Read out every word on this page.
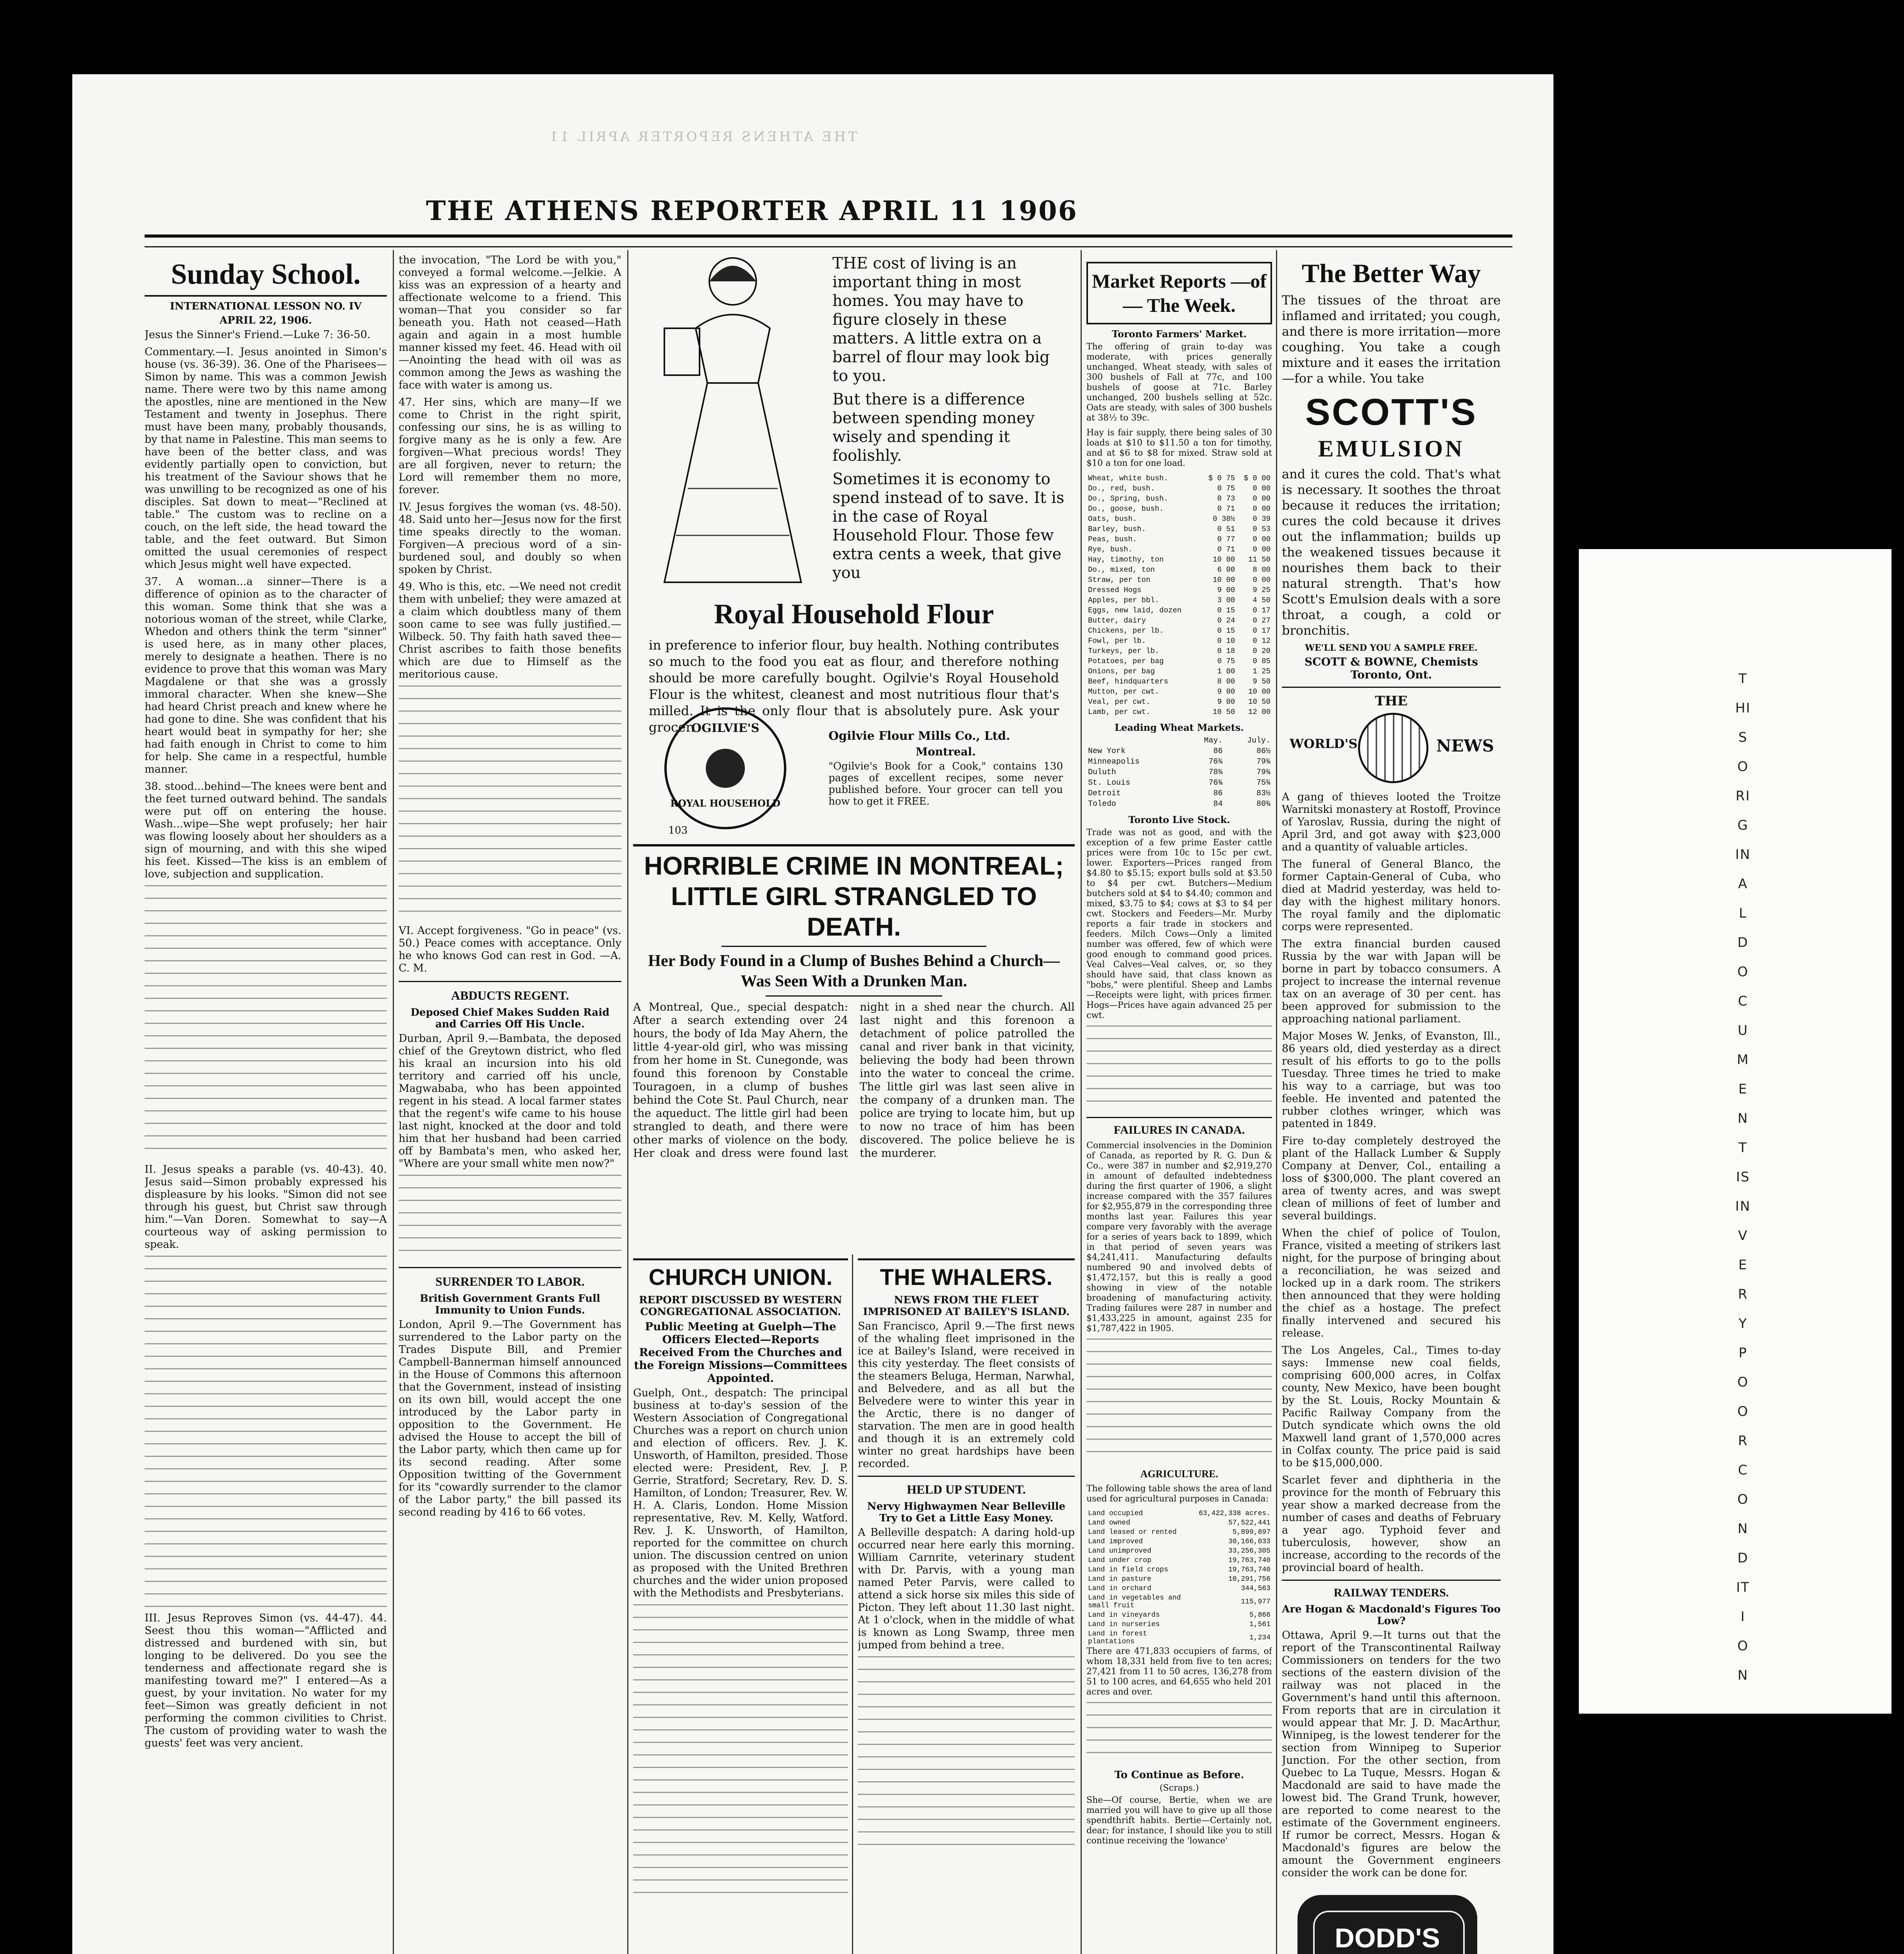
THIS ORIGINAL DOCUMENT IS IN VERY POOR CONDITION
THE ATHENS REPORTER APRIL 11
THE ATHENS REPORTER APRIL 11 1906
Sunday School.
INTERNATIONAL LESSON NO. IV
APRIL 22, 1906.

Jesus the Sinner's Friend.—Luke 7: 36-50.

Commentary.—I. Jesus anointed in Simon's house (vs. 36-39). 36. One of the Pharisees—Simon by name. This was a common Jewish name. There were two by this name among the apostles, nine are mentioned in the New Testament and twenty in Josephus. There must have been many, probably thousands, by that name in Palestine. This man seems to have been of the better class, and was evidently partially open to conviction, but his treatment of the Saviour shows that he was unwilling to be recognized as one of his disciples. Sat down to meat—"Reclined at table." The custom was to recline on a couch, on the left side, the head toward the table, and the feet outward. But Simon omitted the usual ceremonies of respect which Jesus might well have expected.

37. A woman...a sinner—There is a difference of opinion as to the character of this woman. Some think that she was a notorious woman of the street, while Clarke, Whedon and others think the term "sinner" is used here, as in many other places, merely to designate a heathen. There is no evidence to prove that this woman was Mary Magdalene or that she was a grossly immoral character. When she knew—She had heard Christ preach and knew where he had gone to dine. She was confident that his heart would beat in sympathy for her; she had faith enough in Christ to come to him for help. She came in a respectful, humble manner.

38. stood...behind—The knees were bent and the feet turned outward behind. The sandals were put off on entering the house. Wash...wipe—She wept profusely; her hair was flowing loosely about her shoulders as a sign of mourning, and with this she wiped his feet. Kissed—The kiss is an emblem of love, subjection and supplication.

II. Jesus speaks a parable (vs. 40-43). 40. Jesus said—Simon probably expressed his displeasure by his looks. "Simon did not see through his guest, but Christ saw through him."—Van Doren. Somewhat to say—A courteous way of asking permission to speak.

III. Jesus Reproves Simon (vs. 44-47). 44. Seest thou this woman—"Afflicted and distressed and burdened with sin, but longing to be delivered. Do you see the tenderness and affectionate regard she is manifesting toward me?" I entered—As a guest, by your invitation. No water for my feet—Simon was greatly deficient in not performing the common civilities to Christ. The custom of providing water to wash the guests' feet was very ancient.

the invocation, "The Lord be with you," conveyed a formal welcome.—Jelkie. A kiss was an expression of a hearty and affectionate welcome to a friend. This woman—That you consider so far beneath you. Hath not ceased—Hath again and again in a most humble manner kissed my feet. 46. Head with oil—Anointing the head with oil was as common among the Jews as washing the face with water is among us.

47. Her sins, which are many—If we come to Christ in the right spirit, confessing our sins, he is as willing to forgive many as he is only a few. Are forgiven—What precious words! They are all forgiven, never to return; the Lord will remember them no more, forever.

IV. Jesus forgives the woman (vs. 48-50). 48. Said unto her—Jesus now for the first time speaks directly to the woman. Forgiven—A precious word of a sin-burdened soul, and doubly so when spoken by Christ.

49. Who is this, etc. —We need not credit them with unbelief; they were amazed at a claim which doubtless many of them soon came to see was fully justified.—Wilbeck. 50. Thy faith hath saved thee—Christ ascribes to faith those benefits which are due to Himself as the meritorious cause.

VI. Accept forgiveness. "Go in peace" (vs. 50.) Peace comes with acceptance. Only he who knows God can rest in God. —A. C. M.

ABDUCTS REGENT.
Deposed Chief Makes Sudden Raid and Carries Off His Uncle.

Durban, April 9.—Bambata, the deposed chief of the Greytown district, who fled his kraal an incursion into his old territory and carried off his uncle, Magwababa, who has been appointed regent in his stead. A local farmer states that the regent's wife came to his house last night, knocked at the door and told him that her husband had been carried off by Bambata's men, who asked her, "Where are your small white men now?"

SURRENDER TO LABOR.
British Government Grants Full Immunity to Union Funds.

London, April 9.—The Government has surrendered to the Labor party on the Trades Dispute Bill, and Premier Campbell-Bannerman himself announced in the House of Commons this afternoon that the Government, instead of insisting on its own bill, would accept the one introduced by the Labor party in opposition to the Government. He advised the House to accept the bill of the Labor party, which then came up for its second reading. After some Opposition twitting of the Government for its "cowardly surrender to the clamor of the Labor party," the bill passed its second reading by 416 to 66 votes.

THE cost of living is an important thing in most homes. You may have to figure closely in these matters. A little extra on a barrel of flour may look big to you.

But there is a difference between spending money wisely and spending it foolishly.

Sometimes it is economy to spend instead of to save. It is in the case of Royal Household Flour. Those few extra cents a week, that give you

Royal Household Flour

in preference to inferior flour, buy health. Nothing contributes so much to the food you eat as flour, and therefore nothing should be more carefully bought. Ogilvie's Royal Household Flour is the whitest, cleanest and most nutritious flour that's milled. It is the only flour that is absolutely pure. Ask your grocer.

OGILVIE'S
ROYAL HOUSEHOLD
103
Ogilvie Flour Mills Co., Ltd.
Montreal.

"Ogilvie's Book for a Cook," contains 130 pages of excellent recipes, some never published before. Your grocer can tell you how to get it FREE.

HORRIBLE CRIME IN MONTREAL; LITTLE GIRL STRANGLED TO DEATH.
Her Body Found in a Clump of Bushes Behind a Church—Was Seen With a Drunken Man.

A Montreal, Que., special despatch: After a search extending over 24 hours, the body of Ida May Ahern, the little 4-year-old girl, who was missing from her home in St. Cunegonde, was found this forenoon by Constable Touragoen, in a clump of bushes behind the Cote St. Paul Church, near the aqueduct. The little girl had been strangled to death, and there were other marks of violence on the body. Her cloak and dress were found last night in a shed near the church. All last night and this forenoon a detachment of police patrolled the canal and river bank in that vicinity, believing the body had been thrown into the water to conceal the crime. The little girl was last seen alive in the company of a drunken man. The police are trying to locate him, but up to now no trace of him has been discovered. The police believe he is the murderer.

CHURCH UNION.
REPORT DISCUSSED BY WESTERN CONGREGATIONAL ASSOCIATION.
Public Meeting at Guelph—The Officers Elected—Reports Received From the Churches and the Foreign Missions—Committees Appointed.

Guelph, Ont., despatch: The principal business at to-day's session of the Western Association of Congregational Churches was a report on church union and election of officers. Rev. J. K. Unsworth, of Hamilton, presided. Those elected were: President, Rev. J. P. Gerrie, Stratford; Secretary, Rev. D. S. Hamilton, of London; Treasurer, Rev. W. H. A. Claris, London. Home Mission representative, Rev. M. Kelly, Watford. Rev. J. K. Unsworth, of Hamilton, reported for the committee on church union. The discussion centred on union as proposed with the United Brethren churches and the wider union proposed with the Methodists and Presbyterians.

THE WHALERS.
NEWS FROM THE FLEET IMPRISONED AT BAILEY'S ISLAND.

San Francisco, April 9.—The first news of the whaling fleet imprisoned in the ice at Bailey's Island, were received in this city yesterday. The fleet consists of the steamers Beluga, Herman, Narwhal, and Belvedere, and as all but the Belvedere were to winter this year in the Arctic, there is no danger of starvation. The men are in good health and though it is an extremely cold winter no great hardships have been recorded.

HELD UP STUDENT.
Nervy Highwaymen Near Belleville Try to Get a Little Easy Money.

A Belleville despatch: A daring hold-up occurred near here early this morning. William Carnrite, veterinary student with Dr. Parvis, with a young man named Peter Parvis, were called to attend a sick horse six miles this side of Picton. They left about 11.30 last night. At 1 o'clock, when in the middle of what is known as Long Swamp, three men jumped from behind a tree.

Market Reports —of— The Week.
Toronto Farmers' Market.

The offering of grain to-day was moderate, with prices generally unchanged. Wheat steady, with sales of 300 bushels of Fall at 77c, and 100 bushels of goose at 71c. Barley unchanged, 200 bushels selling at 52c. Oats are steady, with sales of 300 bushels at 38½ to 39c.

Hay is fair supply, there being sales of 30 loads at $10 to $11.50 a ton for timothy, and at $6 to $8 for mixed. Straw sold at $10 a ton for one load.

Wheat, white bush.	$ 0 75	$ 0 00
Do., red, bush.	0 75	0 00
Do., Spring, bush.	0 73	0 00
Do., goose, bush.	0 71	0 00
Oats, bush.	0 38½	0 39
Barley, bush.	0 51	0 53
Peas, bush.	0 77	0 00
Rye, bush.	0 71	0 00
Hay, timothy, ton	10 00	11 50
Do., mixed, ton	6 00	8 00
Straw, per ton	10 00	0 00
Dressed Hogs	9 00	9 25
Apples, per bbl.	3 00	4 50
Eggs, new laid, dozen	0 15	0 17
Butter, dairy	0 24	0 27
Chickens, per lb.	0 15	0 17
Fowl, per lb.	0 10	0 12
Turkeys, per lb.	0 18	0 20
Potatoes, per bag	0 75	0 85
Onions, per bag	1 00	1 25
Beef, hindquarters	8 00	9 50
Mutton, per cwt.	9 00	10 00
Veal, per cwt.	9 00	10 50
Lamb, per cwt.	10 50	12 00
Leading Wheat Markets.
	May.	July.
New York	86	86½
Minneapolis	76¾	79¾
Duluth	78¾	79¾
St. Louis	76¾	75¾
Detroit	86	83½
Toledo	84	80¾
Toronto Live Stock.

Trade was not as good, and with the exception of a few prime Easter cattle prices were from 10c to 15c per cwt. lower. Exporters—Prices ranged from $4.80 to $5.15; export bulls sold at $3.50 to $4 per cwt. Butchers—Medium butchers sold at $4 to $4.40; common and mixed, $3.75 to $4; cows at $3 to $4 per cwt. Stockers and Feeders—Mr. Murby reports a fair trade in stockers and feeders. Milch Cows—Only a limited number was offered, few of which were good enough to command good prices. Veal Calves—Veal calves, or, so they should have said, that class known as "bobs," were plentiful. Sheep and Lambs—Receipts were light, with prices firmer. Hogs—Prices have again advanced 25 per cwt.

FAILURES IN CANADA.

Commercial insolvencies in the Dominion of Canada, as reported by R. G. Dun & Co., were 387 in number and $2,919,270 in amount of defaulted indebtedness during the first quarter of 1906, a slight increase compared with the 357 failures for $2,955,879 in the corresponding three months last year. Failures this year compare very favorably with the average for a series of years back to 1899, which in that period of seven years was $4,241,411. Manufacturing defaults numbered 90 and involved debts of $1,472,157, but this is really a good showing in view of the notable broadening of manufacturing activity. Trading failures were 287 in number and $1,433,225 in amount, against 235 for $1,787,422 in 1905.

AGRICULTURE.

The following table shows the area of land used for agricultural purposes in Canada:

Land occupied	63,422,338 acres.
Land owned	57,522,441
Land leased or rented	5,899,897
Land improved	30,166,033
Land unimproved	33,256,305
Land under crop	19,763,740
Land in field crops	19,763,740
Land in pasture	10,291,756
Land in orchard	344,563
Land in vegetables and small fruit	115,977
Land in vineyards	5,866
Land in nurseries	1,561
Land in forest plantations	1,234

There are 471,833 occupiers of farms, of whom 18,331 held from five to ten acres; 27,421 from 11 to 50 acres, 136,278 from 51 to 100 acres, and 64,655 who held 201 acres and over.

To Continue as Before.
(Scraps.)

She—Of course, Bertie, when we are married you will have to give up all those spendthrift habits. Bertie—Certainly not, dear; for instance, I should like you to still continue receiving the 'lowance'

The Better Way

The tissues of the throat are inflamed and irritated; you cough, and there is more irritation—more coughing. You take a cough mixture and it eases the irritation—for a while. You take

SCOTT'S
EMULSION

and it cures the cold. That's what is necessary. It soothes the throat because it reduces the irritation; cures the cold because it drives out the inflammation; builds up the weakened tissues because it nourishes them back to their natural strength. That's how Scott's Emulsion deals with a sore throat, a cough, a cold or bronchitis.

WE'LL SEND YOU A SAMPLE FREE.
SCOTT & BOWNE, Chemists Toronto, Ont.
THE
WORLD'S	NEWS

A gang of thieves looted the Troitze Warnitski monastery at Rostoff, Province of Yaroslav, Russia, during the night of April 3rd, and got away with $23,000 and a quantity of valuable articles.

The funeral of General Blanco, the former Captain-General of Cuba, who died at Madrid yesterday, was held to-day with the highest military honors. The royal family and the diplomatic corps were represented.

The extra financial burden caused Russia by the war with Japan will be borne in part by tobacco consumers. A project to increase the internal revenue tax on an average of 30 per cent. has been approved for submission to the approaching national parliament.

Major Moses W. Jenks, of Evanston, Ill., 86 years old, died yesterday as a direct result of his efforts to go to the polls Tuesday. Three times he tried to make his way to a carriage, but was too feeble. He invented and patented the rubber clothes wringer, which was patented in 1849.

Fire to-day completely destroyed the plant of the Hallack Lumber & Supply Company at Denver, Col., entailing a loss of $300,000. The plant covered an area of twenty acres, and was swept clean of millions of feet of lumber and several buildings.

When the chief of police of Toulon, France, visited a meeting of strikers last night, for the purpose of bringing about a reconciliation, he was seized and locked up in a dark room. The strikers then announced that they were holding the chief as a hostage. The prefect finally intervened and secured his release.

The Los Angeles, Cal., Times to-day says: Immense new coal fields, comprising 600,000 acres, in Colfax county, New Mexico, have been bought by the St. Louis, Rocky Mountain & Pacific Railway Company from the Dutch syndicate which owns the old Maxwell land grant of 1,570,000 acres in Colfax county. The price paid is said to be $15,000,000.

Scarlet fever and diphtheria in the province for the month of February this year show a marked decrease from the number of cases and deaths of February a year ago. Typhoid fever and tuberculosis, however, show an increase, according to the records of the provincial board of health.

RAILWAY TENDERS.
Are Hogan & Macdonald's Figures Too Low?

Ottawa, April 9.—It turns out that the report of the Transcontinental Railway Commissioners on tenders for the two sections of the eastern division of the railway was not placed in the Government's hand until this afternoon. From reports that are in circulation it would appear that Mr. J. D. MacArthur, Winnipeg, is the lowest tenderer for the section from Winnipeg to Superior Junction. For the other section, from Quebec to La Tuque, Messrs. Hogan & Macdonald are said to have made the lowest bid. The Grand Trunk, however, are reported to come nearest to the estimate of the Government engineers. If rumor be correct, Messrs. Hogan & Macdonald's figures are below the amount the Government engineers consider the work can be done for.

DODD'S
